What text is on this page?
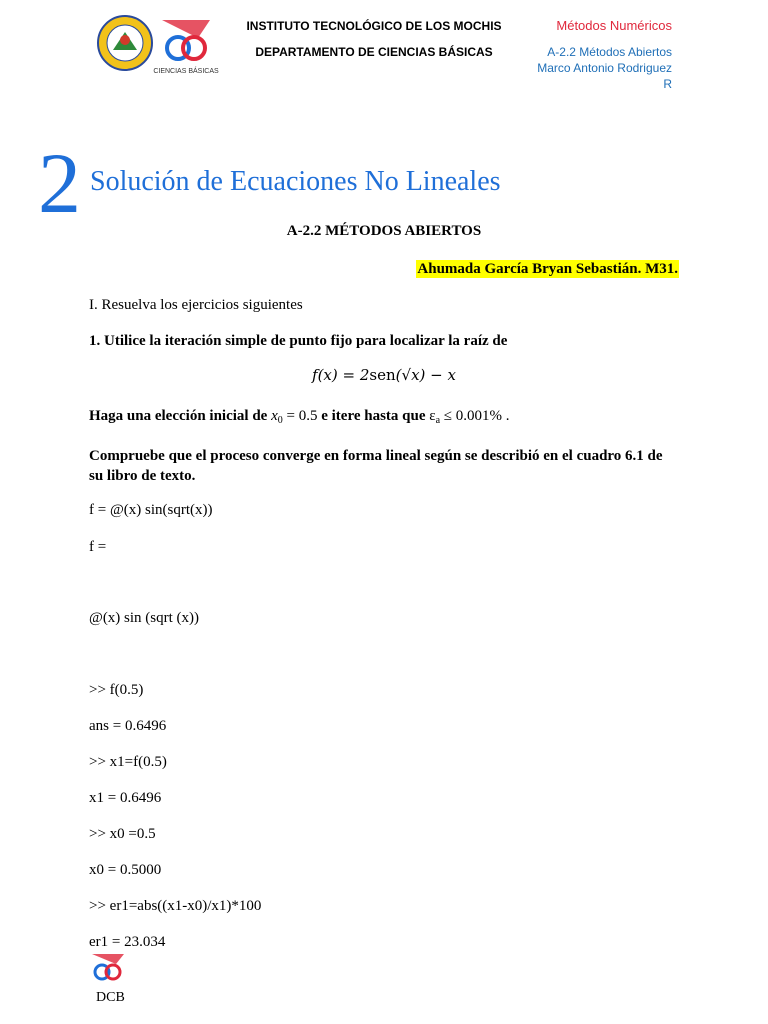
CIENCIAS BÁSICAS
INSTITUTO TECNOLÓGICO DE LOS MOCHIS
DEPARTAMENTO DE CIENCIAS BÁSICAS
Métodos Numéricos
A-2.2 Métodos Abiertos
Marco Antonio Rodriguez
R
2 Solución de Ecuaciones No Lineales
A-2.2 MÉTODOS ABIERTOS
Ahumada García Bryan Sebastián. M31.
I. Resuelva los ejercicios siguientes
1. Utilice la iteración simple de punto fijo para localizar la raíz de
f(x) = 2sen(√x) − x
Haga una elección inicial de $x_0 = 0.5$ e itere hasta que $\varepsilon_a \le 0.001\%$ .
Compruebe que el proceso converge en forma lineal según se describió en el cuadro 6.1 de su libro de texto.
f = @(x) sin(sqrt(x))
f =
@(x) sin (sqrt (x))
>> f(0.5)
ans = 0.6496
>> x1=f(0.5)
x1 = 0.6496
>> x0 =0.5
x0 = 0.5000
>> er1=abs((x1-x0)/x1)*100
er1 = 23.034
DCB
